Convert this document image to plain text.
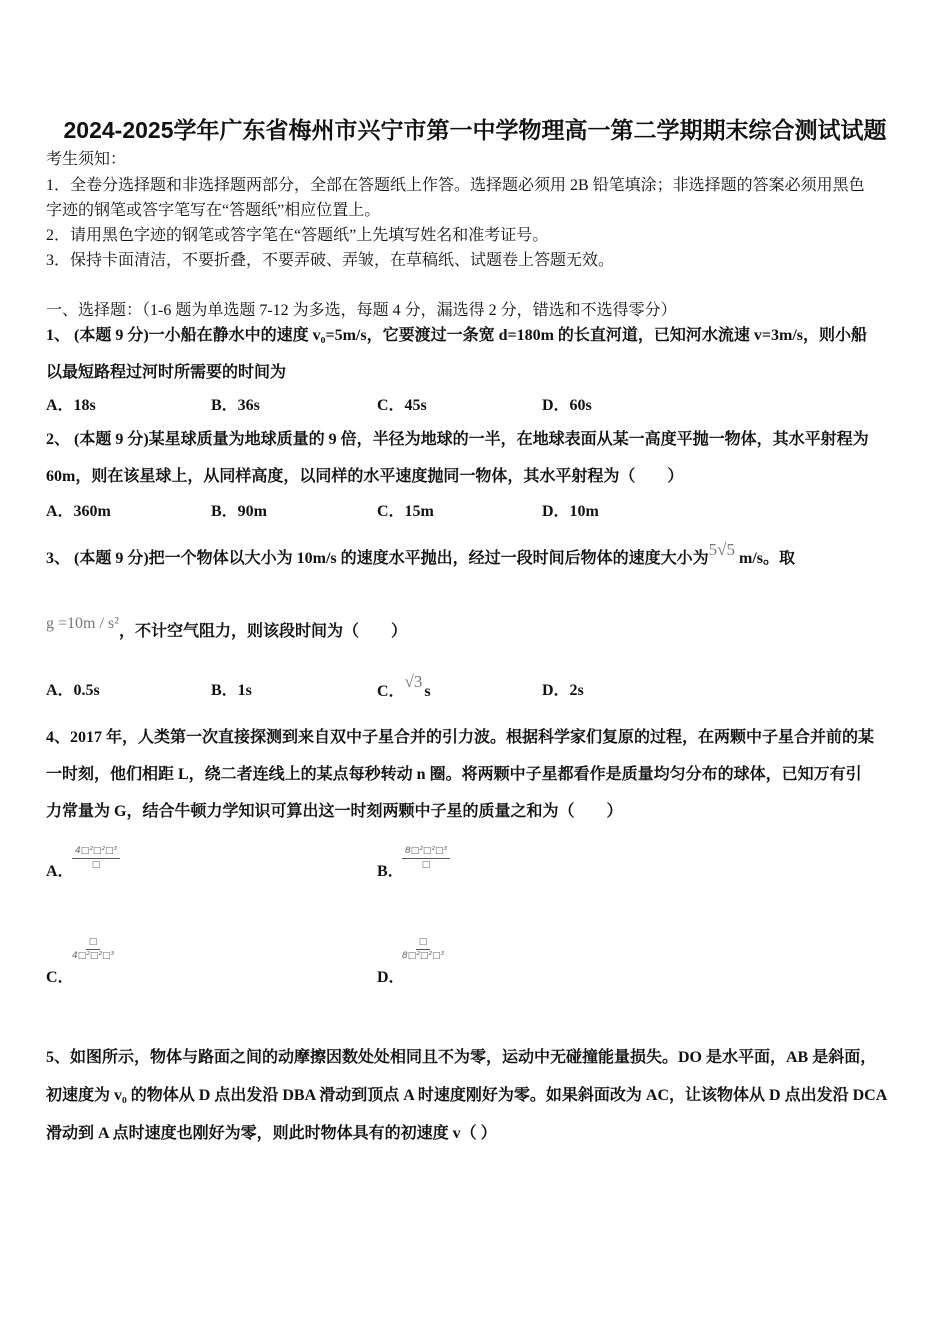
2024-2025学年广东省梅州市兴宁市第一中学物理高一第二学期期末综合测试试题
考生须知：
1．全卷分选择题和非选择题两部分，全部在答题纸上作答。选择题必须用 2B 铅笔填涂；非选择题的答案必须用黑色
字迹的钢笔或答字笔写在“答题纸”相应位置上。
2．请用黑色字迹的钢笔或答字笔在“答题纸”上先填写姓名和准考证号。
3．保持卡面清洁，不要折叠，不要弄破、弄皱，在草稿纸、试题卷上答题无效。
一、选择题：（1-6 题为单选题 7-12 为多选，每题 4 分，漏选得 2 分，错选和不选得零分）
1、 (本题 9 分)一小船在静水中的速度 v₀=5m/s，它要渡过一条宽 d=180m 的长直河道，已知河水流速 v=3m/s，则小船
以最短路程过河时所需要的时间为
A．18s	B．36s	C．45s	D．60s
2、 (本题 9 分)某星球质量为地球质量的 9 倍，半径为地球的一半，在地球表面从某一高度平抛一物体，其水平射程为
60m，则在该星球上，从同样高度，以同样的水平速度抛同一物体，其水平射程为（　　）
A．360m	B．90m	C．15m	D．10m
3、 (本题 9 分)把一个物体以大小为 10m/s 的速度水平抛出，经过一段时间后物体的速度大小为5√5 m/s。取
g =10m / s²，不计空气阻力，则该段时间为（　　）
A．0.5s	B．1s	C．√3s	D．2s
4、2017 年，人类第一次直接探测到来自双中子星合并的引力波。根据科学家们复原的过程，在两颗中子星合并前的某
一时刻，他们相距 L，绕二者连线上的某点每秒转动 n 圈。将两颗中子星都看作是质量均匀分布的球体，已知万有引
力常量为 G，结合牛顿力学知识可算出这一时刻两颗中子星的质量之和为（　　）
A．
4□²□²□³
□	B．
8□²□²□³
□
C．
□
4□²□²□³
D．
□
8□²□²□³
5、如图所示，物体与路面之间的动摩擦因数处处相同且不为零，运动中无碰撞能量损失。DO 是水平面，AB 是斜面，
初速度为 v₀ 的物体从 D 点出发沿 DBA 滑动到顶点 A 时速度刚好为零。如果斜面改为 AC，让该物体从 D 点出发沿 DCA
滑动到 A 点时速度也刚好为零，则此时物体具有的初速度 v（ ）
